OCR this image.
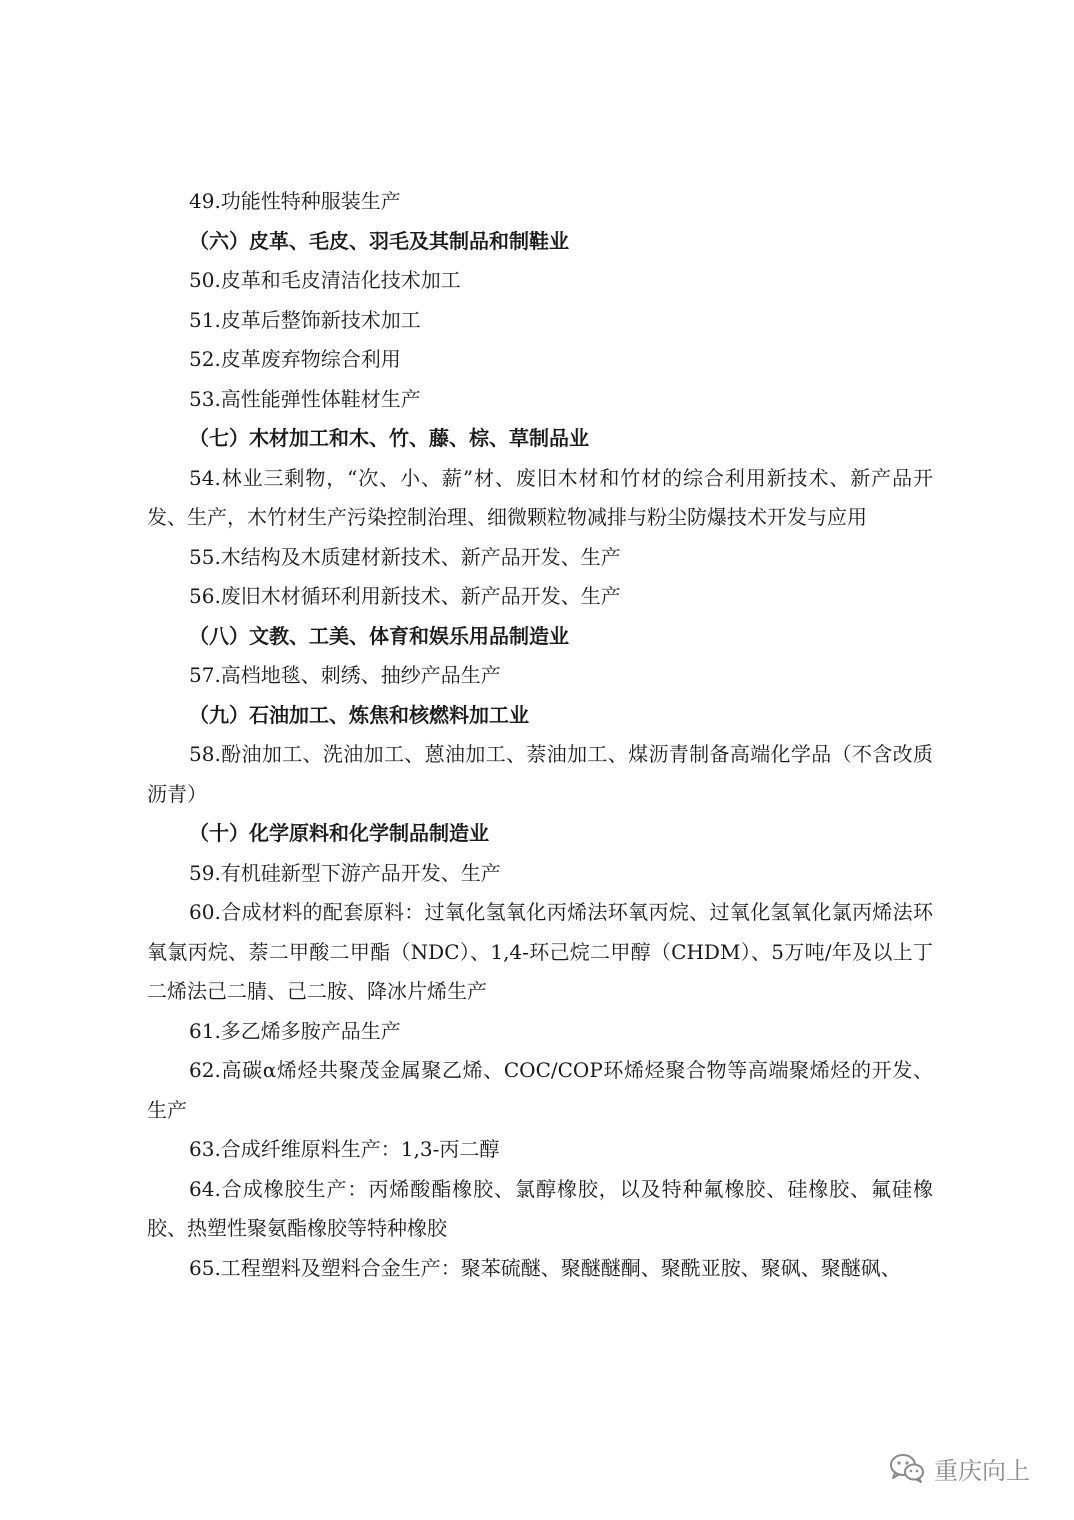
49.功能性特种服装生产

（六）皮革、毛皮、羽毛及其制品和制鞋业

50.皮革和毛皮清洁化技术加工

51.皮革后整饰新技术加工

52.皮革废弃物综合利用

53.高性能弹性体鞋材生产

（七）木材加工和木、竹、藤、棕、草制品业

54.林业三剩物，“次、小、薪”材、废旧木材和竹材的综合利用新技术、新产品开发、生产，木竹材生产污染控制治理、细微颗粒物减排与粉尘防爆技术开发与应用

55.木结构及木质建材新技术、新产品开发、生产

56.废旧木材循环利用新技术、新产品开发、生产

（八）文教、工美、体育和娱乐用品制造业

57.高档地毯、刺绣、抽纱产品生产

（九）石油加工、炼焦和核燃料加工业

58.酚油加工、洗油加工、蒽油加工、萘油加工、煤沥青制备高端化学品（不含改质沥青）

（十）化学原料和化学制品制造业

59.有机硅新型下游产品开发、生产

60.合成材料的配套原料：过氧化氢氧化丙烯法环氧丙烷、过氧化氢氧化氯丙烯法环氧氯丙烷、萘二甲酸二甲酯（NDC）、1,4-环己烷二甲醇（CHDM）、5万吨/年及以上丁二烯法己二腈、己二胺、降冰片烯生产

61.多乙烯多胺产品生产

62.高碳α烯烃共聚茂金属聚乙烯、COC/COP环烯烃聚合物等高端聚烯烃的开发、生产

63.合成纤维原料生产：1,3-丙二醇

64.合成橡胶生产：丙烯酸酯橡胶、氯醇橡胶，以及特种氟橡胶、硅橡胶、氟硅橡胶、热塑性聚氨酯橡胶等特种橡胶

65.工程塑料及塑料合金生产：聚苯硫醚、聚醚醚酮、聚酰亚胺、聚砜、聚醚砜、

重庆向上
